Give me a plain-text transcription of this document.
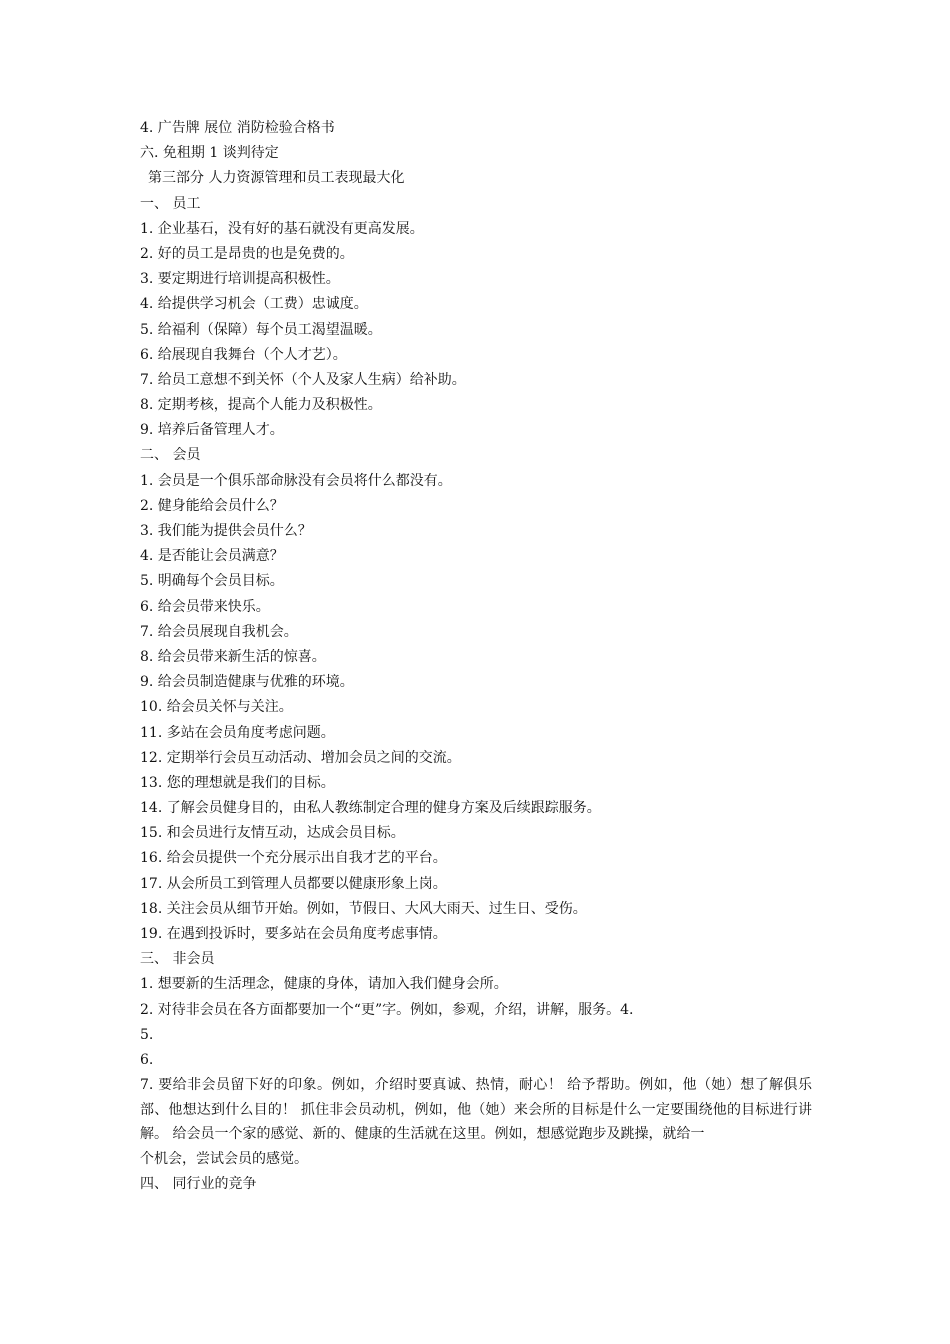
4. 广告牌 展位 消防检验合格书
六. 免租期 1 谈判待定
第三部分 人力资源管理和员工表现最大化
一、 员工
1. 企业基石，没有好的基石就没有更高发展。
2. 好的员工是昂贵的也是免费的。
3. 要定期进行培训提高积极性。
4. 给提供学习机会（工费）忠诚度。
5. 给福利（保障）每个员工渴望温暖。
6. 给展现自我舞台（个人才艺）。
7. 给员工意想不到关怀（个人及家人生病）给补助。
8. 定期考核，提高个人能力及积极性。
9. 培养后备管理人才。
二、 会员
1. 会员是一个俱乐部命脉没有会员将什么都没有。
2. 健身能给会员什么？
3. 我们能为提供会员什么？
4. 是否能让会员满意？
5. 明确每个会员目标。
6. 给会员带来快乐。
7. 给会员展现自我机会。
8. 给会员带来新生活的惊喜。
9. 给会员制造健康与优雅的环境。
10. 给会员关怀与关注。
11. 多站在会员角度考虑问题。
12. 定期举行会员互动活动、增加会员之间的交流。
13. 您的理想就是我们的目标。
14. 了解会员健身目的，由私人教练制定合理的健身方案及后续跟踪服务。
15. 和会员进行友情互动，达成会员目标。
16. 给会员提供一个充分展示出自我才艺的平台。
17. 从会所员工到管理人员都要以健康形象上岗。
18. 关注会员从细节开始。例如，节假日、大风大雨天、过生日、受伤。
19. 在遇到投诉时，要多站在会员角度考虑事情。
三、 非会员
1. 想要新的生活理念，健康的身体，请加入我们健身会所。
2. 对待非会员在各方面都要加一个“更”字。例如，参观，介绍，讲解，服务。4.
5.
6.
7. 要给非会员留下好的印象。例如，介绍时要真诚、热情，耐心！ 给予帮助。例如，他（她）想了解俱乐部、他想达到什么目的！ 抓住非会员动机，例如，他（她）来会所的目标是什么一定要围绕他的目标进行讲解。 给会员一个家的感觉、新的、健康的生活就在这里。例如，想感觉跑步及跳操，就给一
个机会，尝试会员的感觉。
四、 同行业的竞争
